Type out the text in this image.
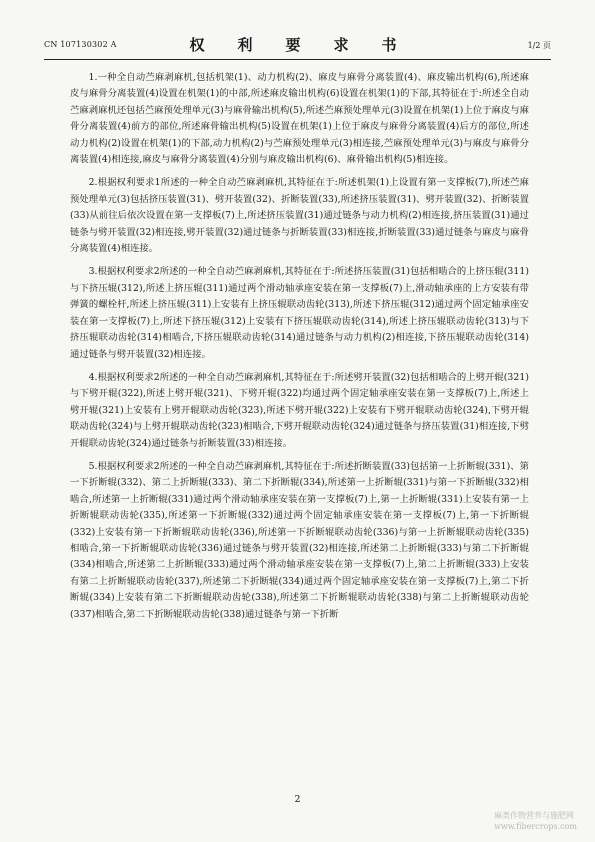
CN 107130302 A	权　利　要　求　书	1/2 页

1.一种全自动苎麻剥麻机,包括机架(1)、动力机构(2)、麻皮与麻骨分离装置(4)、麻皮输出机构(6),所述麻皮与麻骨分离装置(4)设置在机架(1)的中部,所述麻皮输出机构(6)设置在机架(1)的下部,其特征在于:所述全自动苎麻剥麻机还包括苎麻预处理单元(3)与麻骨输出机构(5),所述苎麻预处理单元(3)设置在机架(1)上位于麻皮与麻骨分离装置(4)前方的部位,所述麻骨输出机构(5)设置在机架(1)上位于麻皮与麻骨分离装置(4)后方的部位,所述动力机构(2)设置在机架(1)的下部,动力机构(2)与苎麻预处理单元(3)相连接,苎麻预处理单元(3)与麻皮与麻骨分离装置(4)相连接,麻皮与麻骨分离装置(4)分别与麻皮输出机构(6)、麻骨输出机构(5)相连接。

2.根据权利要求1所述的一种全自动苎麻剥麻机,其特征在于:所述机架(1)上设置有第一支撑板(7),所述苎麻预处理单元(3)包括挤压装置(31)、劈开装置(32)、折断装置(33),所述挤压装置(31)、劈开装置(32)、折断装置(33)从前往后依次设置在第一支撑板(7)上,所述挤压装置(31)通过链条与动力机构(2)相连接,挤压装置(31)通过链条与劈开装置(32)相连接,劈开装置(32)通过链条与折断装置(33)相连接,折断装置(33)通过链条与麻皮与麻骨分离装置(4)相连接。

3.根据权利要求2所述的一种全自动苎麻剥麻机,其特征在于:所述挤压装置(31)包括相啮合的上挤压辊(311)与下挤压辊(312),所述上挤压辊(311)通过两个滑动轴承座安装在第一支撑板(7)上,滑动轴承座的上方安装有带弹簧的螺栓杆,所述上挤压辊(311)上安装有上挤压辊联动齿轮(313),所述下挤压辊(312)通过两个固定轴承座安装在第一支撑板(7)上,所述下挤压辊(312)上安装有下挤压辊联动齿轮(314),所述上挤压辊联动齿轮(313)与下挤压辊联动齿轮(314)相啮合,下挤压辊联动齿轮(314)通过链条与动力机构(2)相连接,下挤压辊联动齿轮(314)通过链条与劈开装置(32)相连接。

4.根据权利要求2所述的一种全自动苎麻剥麻机,其特征在于:所述劈开装置(32)包括相啮合的上劈开辊(321)与下劈开辊(322),所述上劈开辊(321)、下劈开辊(322)均通过两个固定轴承座安装在第一支撑板(7)上,所述上劈开辊(321)上安装有上劈开辊联动齿轮(323),所述下劈开辊(322)上安装有下劈开辊联动齿轮(324),下劈开辊联动齿轮(324)与上劈开辊联动齿轮(323)相啮合,下劈开辊联动齿轮(324)通过链条与挤压装置(31)相连接,下劈开辊联动齿轮(324)通过链条与折断装置(33)相连接。

5.根据权利要求2所述的一种全自动苎麻剥麻机,其特征在于:所述折断装置(33)包括第一上折断辊(331)、第一下折断辊(332)、第二上折断辊(333)、第二下折断辊(334),所述第一上折断辊(331)与第一下折断辊(332)相啮合,所述第一上折断辊(331)通过两个滑动轴承座安装在第一支撑板(7)上,第一上折断辊(331)上安装有第一上折断辊联动齿轮(335),所述第一下折断辊(332)通过两个固定轴承座安装在第一支撑板(7)上,第一下折断辊(332)上安装有第一下折断辊联动齿轮(336),所述第一下折断辊联动齿轮(336)与第一上折断辊联动齿轮(335)相啮合,第一下折断辊联动齿轮(336)通过链条与劈开装置(32)相连接,所述第二上折断辊(333)与第二下折断辊(334)相啮合,所述第二上折断辊(333)通过两个滑动轴承座安装在第一支撑板(7)上,第二上折断辊(333)上安装有第二上折断辊联动齿轮(337),所述第二下折断辊(334)通过两个固定轴承座安装在第一支撑板(7)上,第二下折断辊(334)上安装有第二下折断辊联动齿轮(338),所述第二下折断辊联动齿轮(338)与第二上折断辊联动齿轮(337)相啮合,第二下折断辊联动齿轮(338)通过链条与第一下折断

2
麻类作物营养与施肥网
www.fibercrops.com
